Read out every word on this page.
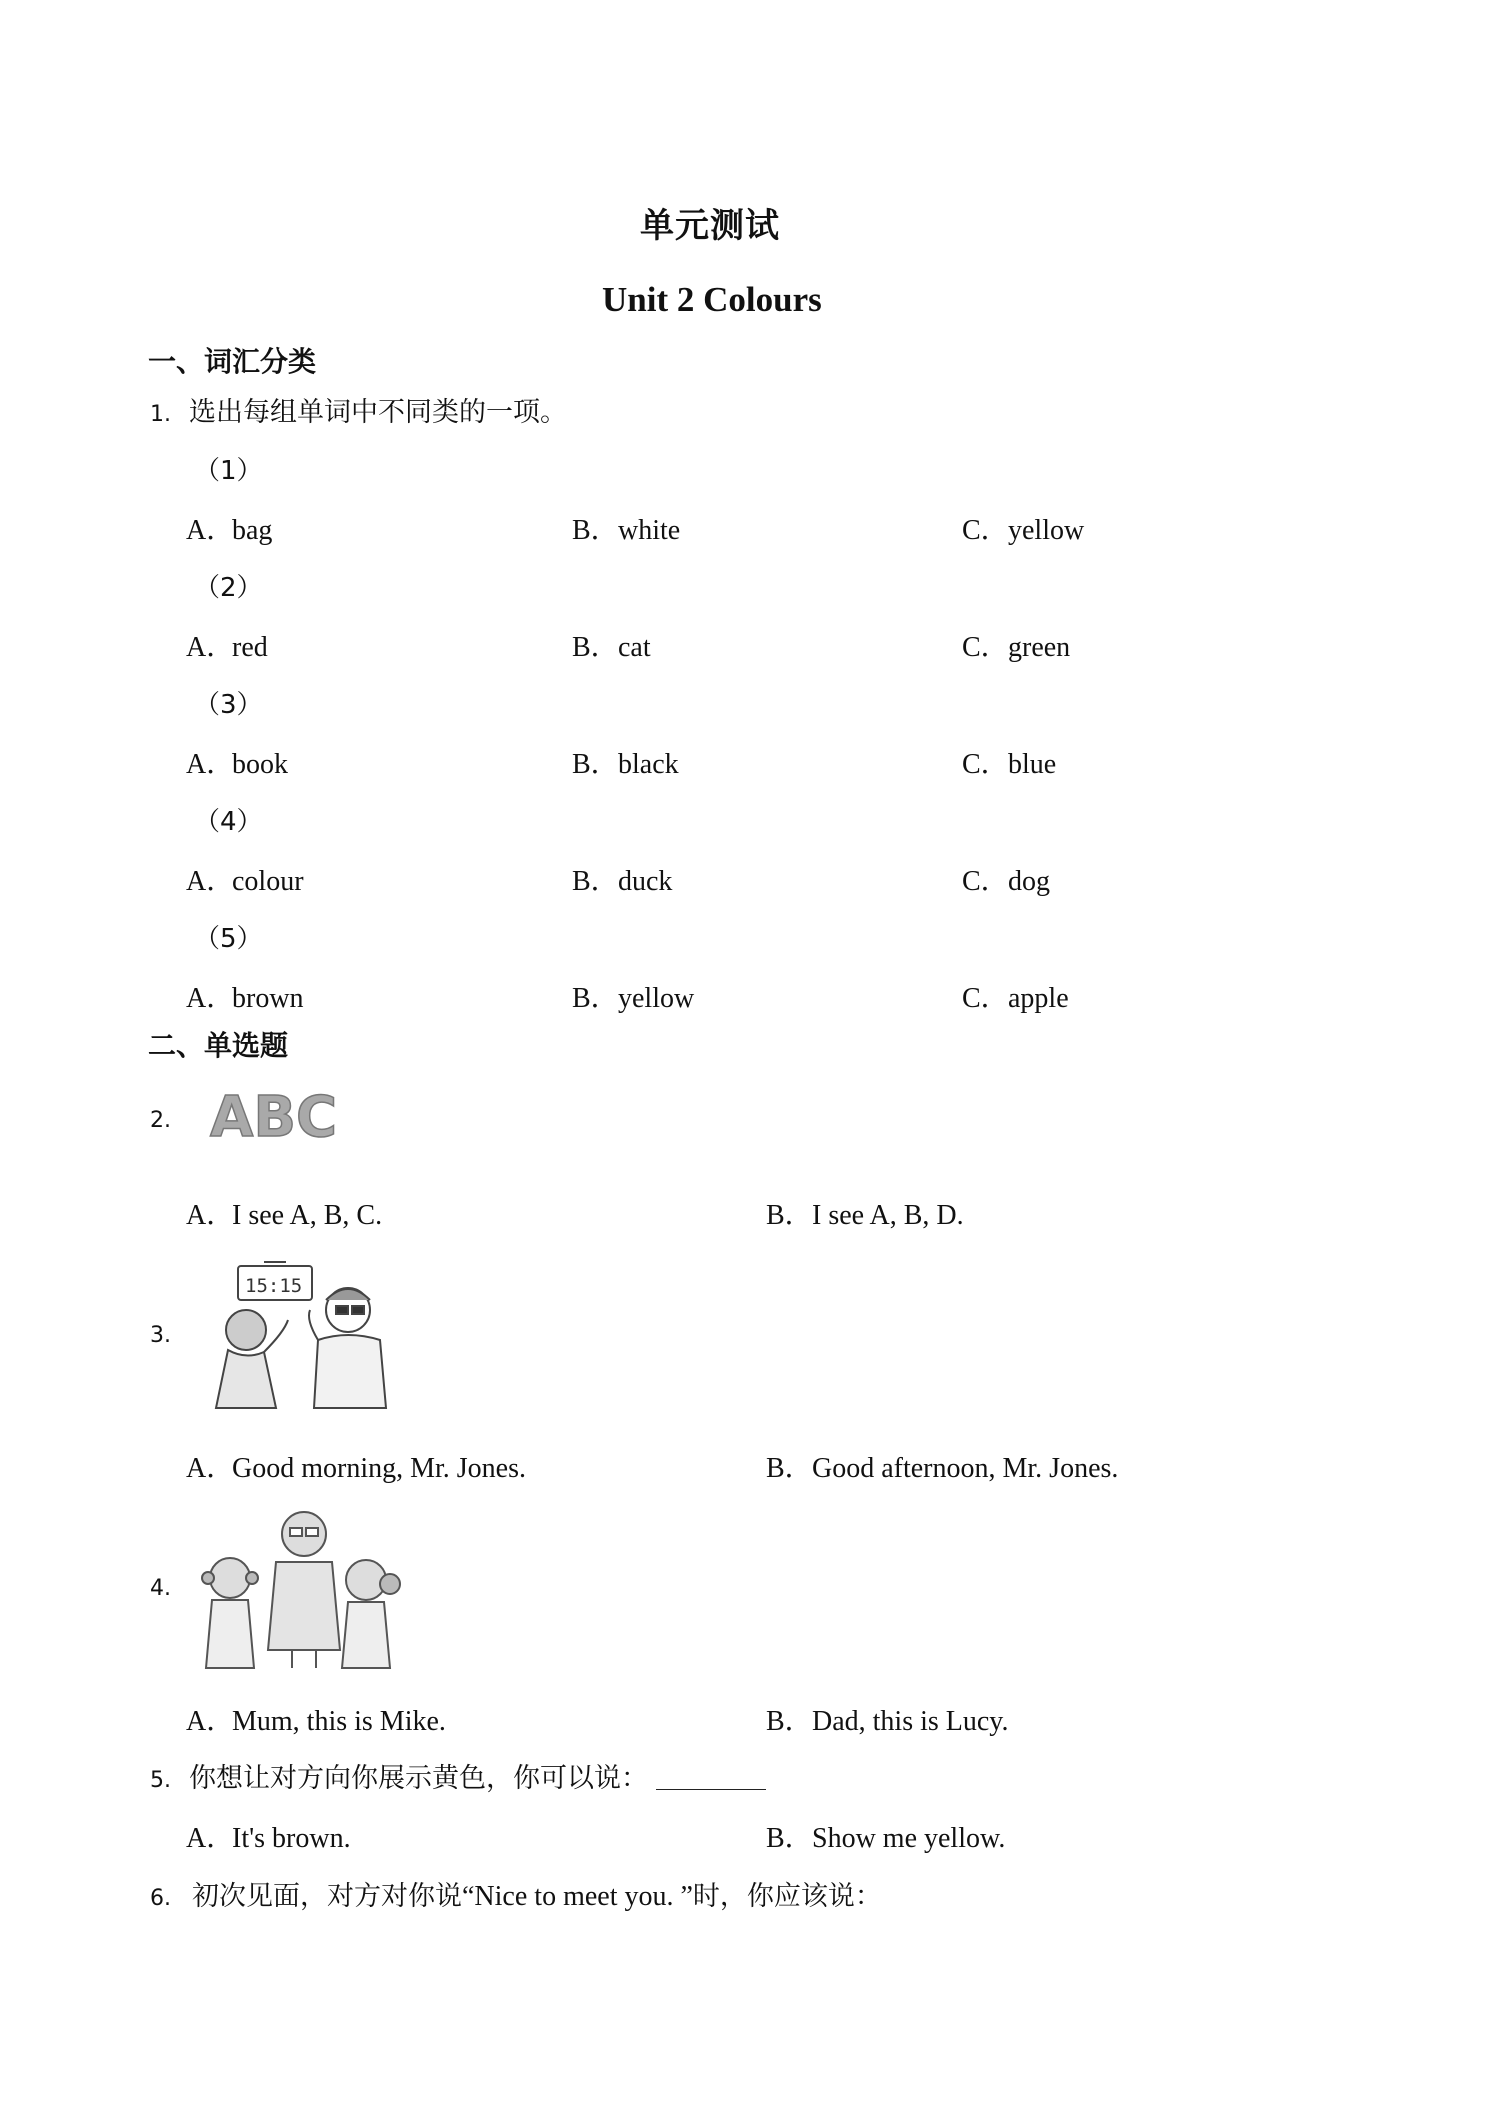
单元测试
Unit 2 Colours
一、词汇分类
1. 选出每组单词中不同类的一项。
（1）
A．bag	B．white	C．yellow
（2）
A．red	B．cat	C．green
（3）
A．book	B．black	C．blue
（4）
A．colour	B．duck	C．dog
（5）
A．brown	B．yellow	C．apple
二、单选题
2. ABC
A．I see A, B, C.	B．I see A, B, D.
3.
15:15
A．Good morning, Mr. Jones.	B．Good afternoon, Mr. Jones.
4.
A．Mum, this is Mike.	B．Dad, this is Lucy.
5. 你想让对方向你展示黄色，你可以说：
A．It's brown.	B．Show me yellow.
6. 初次见面，对方对你说“Nice to meet you. ”时，你应该说：
